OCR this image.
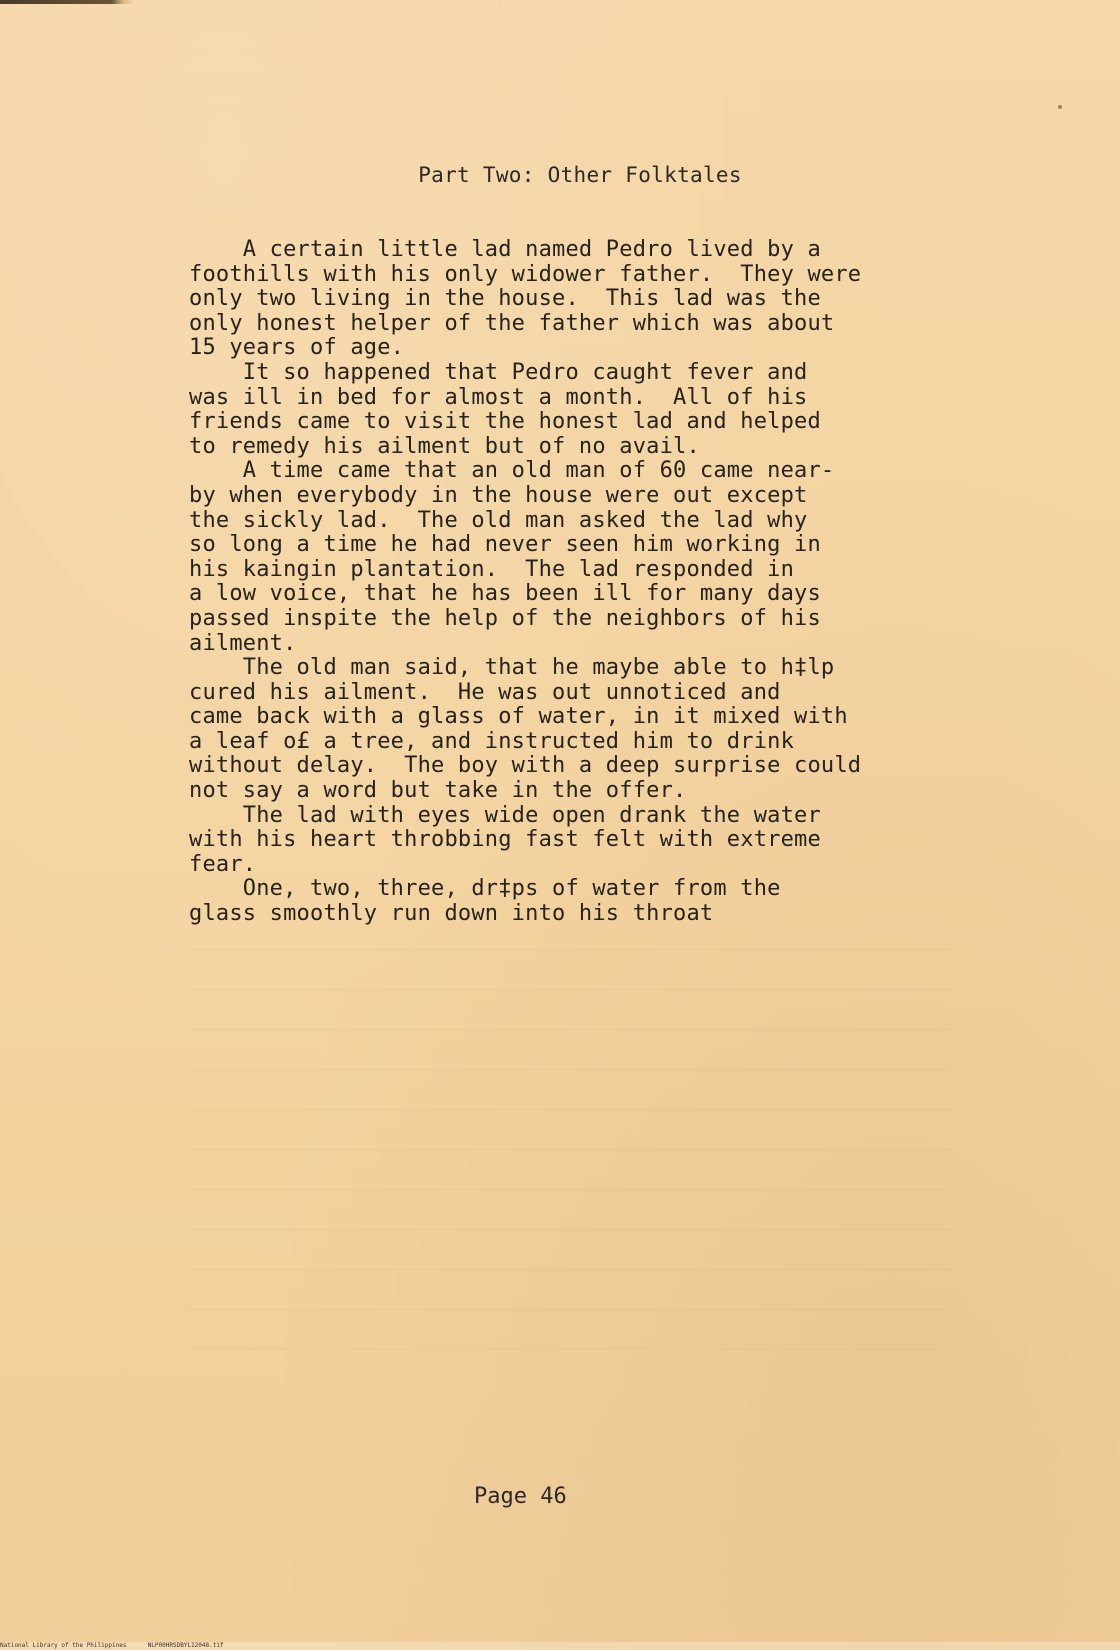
Part Two: Other Folktales
A certain little lad named Pedro lived by a
foothills with his only widower father.  They were
only two living in the house.  This lad was the
only honest helper of the father which was about
15 years of age.
It so happened that Pedro caught fever and
was ill in bed for almost a month.  All of his
friends came to visit the honest lad and helped
to remedy his ailment but of no avail.
A time came that an old man of 60 came near-
by when everybody in the house were out except
the sickly lad.  The old man asked the lad why
so long a time he had never seen him working in
his kaingin plantation.  The lad responded in
a low voice, that he has been ill for many days
passed inspite the help of the neighbors of his
ailment.
The old man said, that he maybe able to h‡lp
cured his ailment.  He was out unnoticed and
came back with a glass of water, in it mixed with
a leaf o£ a tree, and instructed him to drink
without delay.  The boy with a deep surprise could
not say a word but take in the offer.
The lad with eyes wide open drank the water
with his heart throbbing fast felt with extreme
fear.
One, two, three, dr‡ps of water from the
glass smoothly run down into his throat
Page 46
National Library of the Philippines	NLP00HRSDBYL12048.tif
